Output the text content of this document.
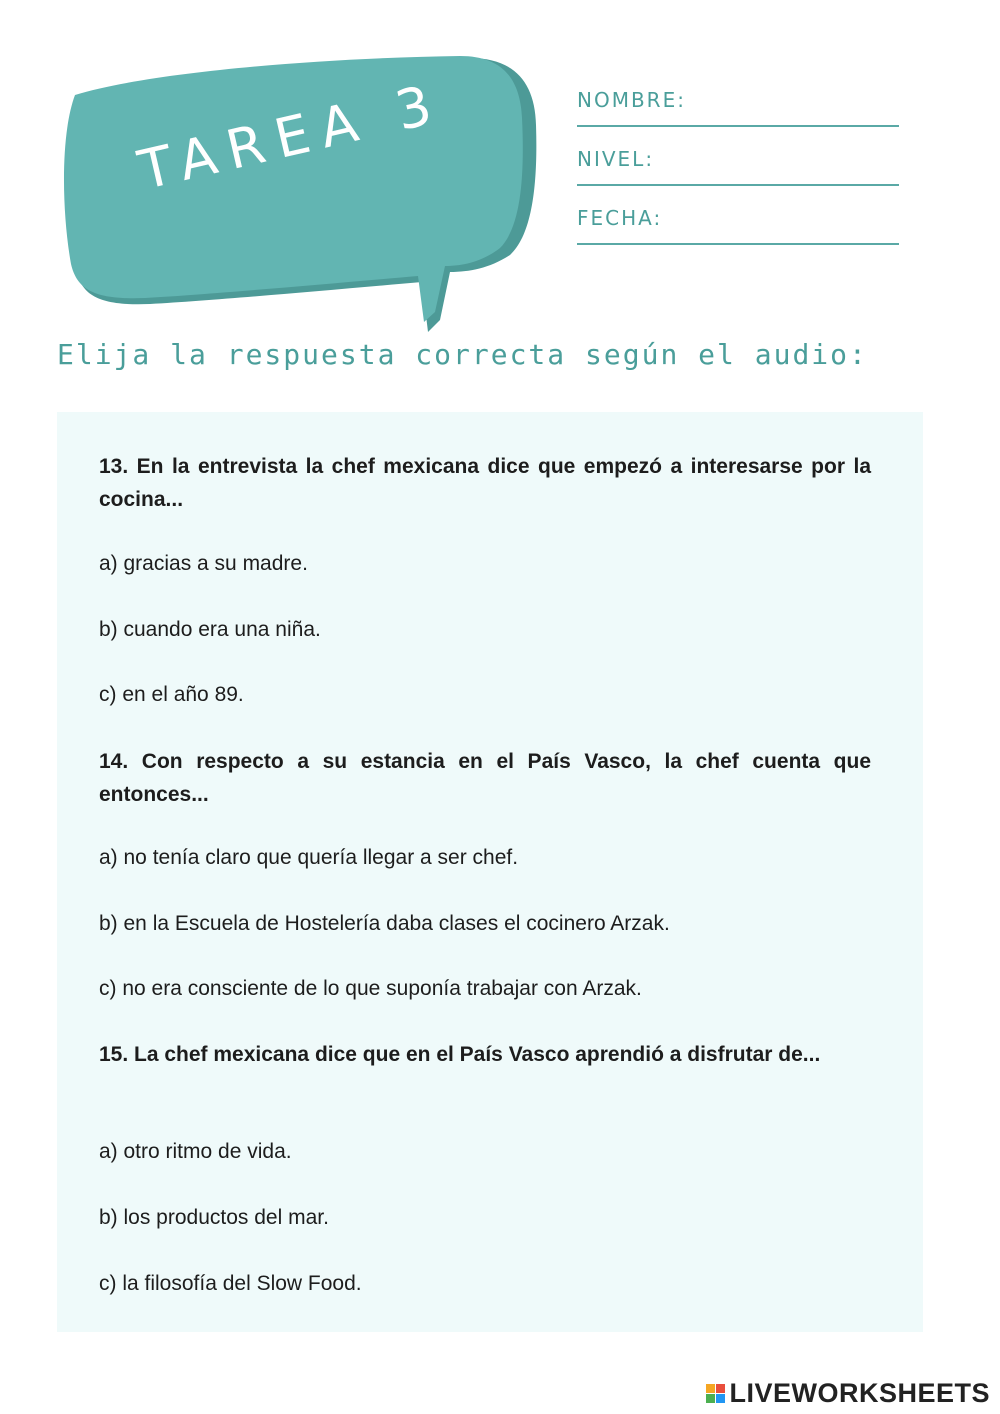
TAREA 3	NOMBRE:
NIVEL:
FECHA:
Elija la respuesta correcta según el audio:
13. En la entrevista la chef mexicana dice que empezó a interesarse por la cocina...
a) gracias a su madre.
b) cuando era una niña.
c) en el año 89.
14. Con respecto a su estancia en el País Vasco, la chef cuenta que entonces...
a) no tenía claro que quería llegar a ser chef.
b) en la Escuela de Hostelería daba clases el cocinero Arzak.
c) no era consciente de lo que suponía trabajar con Arzak.
15. La chef mexicana dice que en el País Vasco aprendió a disfrutar de...
a) otro ritmo de vida.
b) los productos del mar.
c) la filosofía del Slow Food.
LIVEWORKSHEETS
